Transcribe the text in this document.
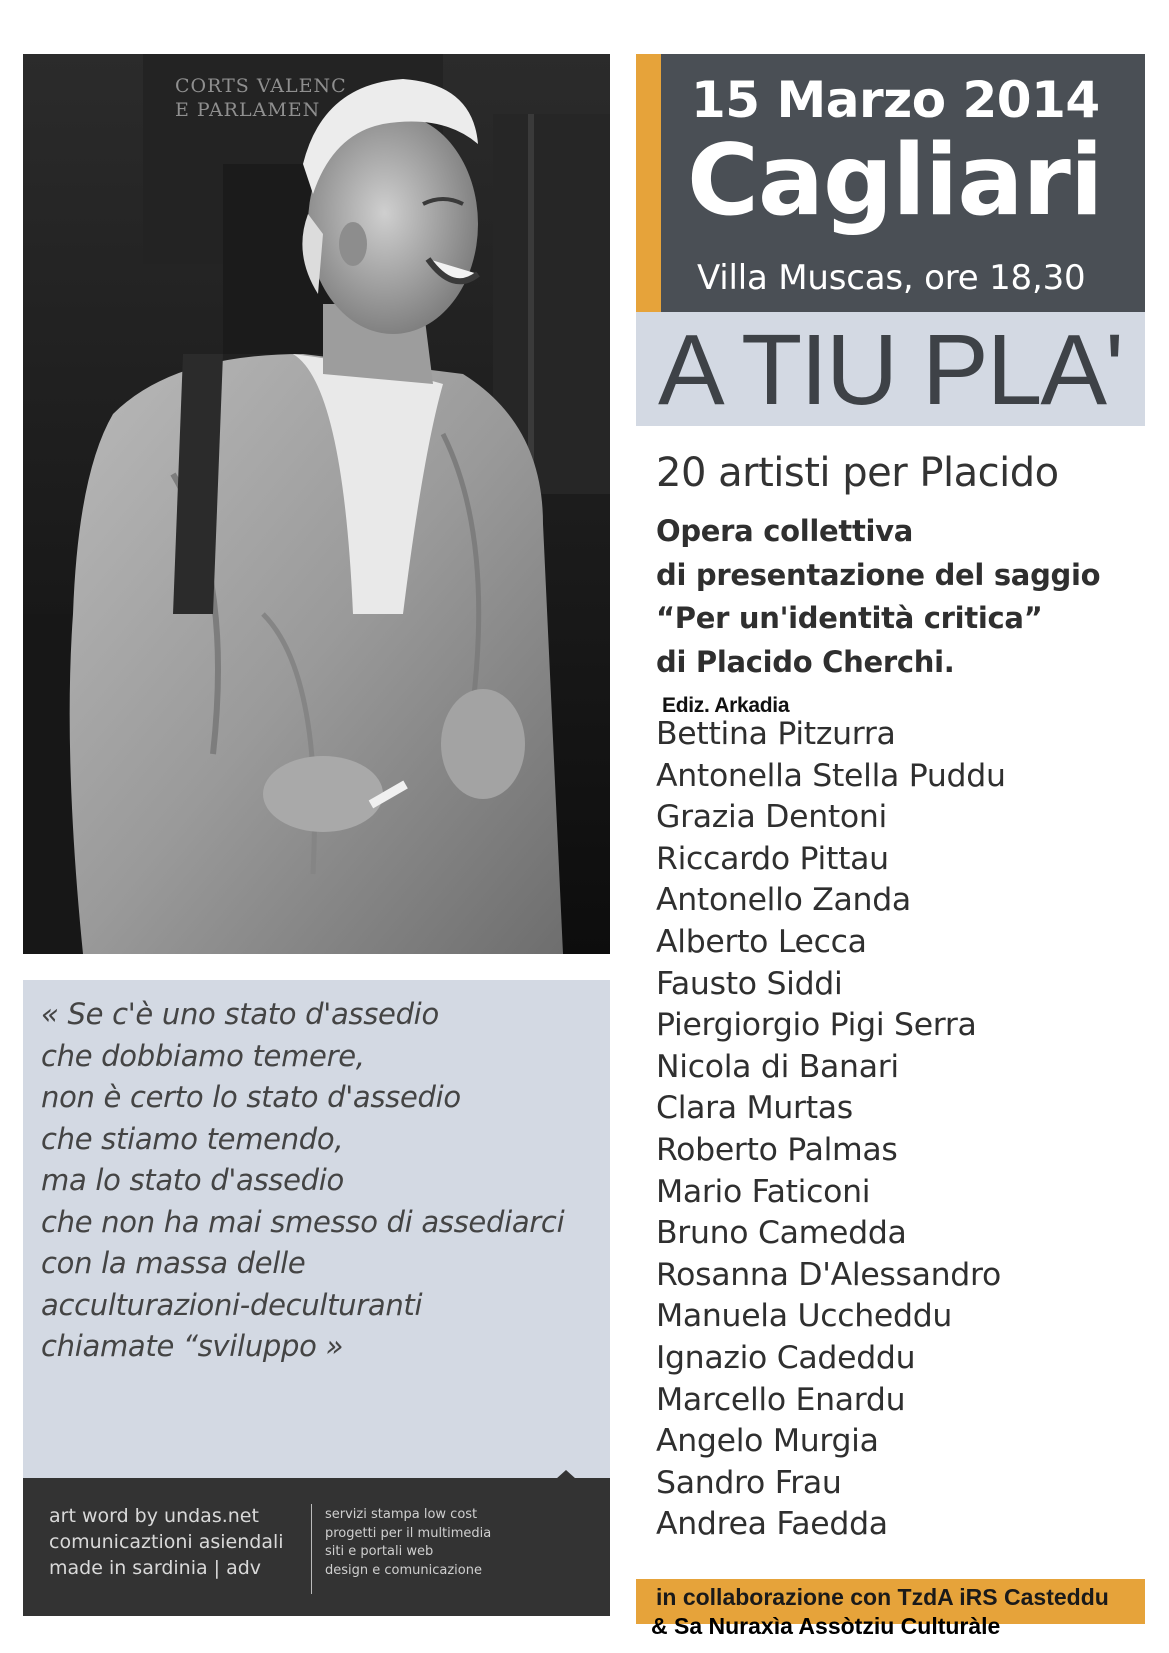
CORTS VALENC
E PARLAMEN

« Se c'è uno stato d'assedio
che dobbiamo temere,
non è certo lo stato d'assedio
che stiamo temendo,
ma lo stato d'assedio
che non ha mai smesso di assediarci
con la massa delle
acculturazioni-deculturanti
chiamate “sviluppo »

art word by undas.net
comunicaztioni asiendali
made in sardinia | adv

servizi stampa low cost
progetti per il multimedia
siti e portali web
design e comunicazione

15 Marzo 2014
Cagliari
Villa Muscas, ore 18,30
A TIU PLA'
20 artisti per Placido

Opera collettiva
di presentazione del saggio
“Per un'identità critica”
di Placido Cherchi.
Ediz. Arkadia

Bettina Pitzurra
Antonella Stella Puddu
Grazia Dentoni
Riccardo Pittau
Antonello Zanda
Alberto Lecca
Fausto Siddi
Piergiorgio Pigi Serra
Nicola di Banari
Clara Murtas
Roberto Palmas
Mario Faticoni
Bruno Camedda
Rosanna D'Alessandro
Manuela Uccheddu
Ignazio Cadeddu
Marcello Enardu
Angelo Murgia
Sandro Frau
Andrea Faedda
in collaborazione con TzdA iRS Casteddu
& Sa Nuraxìa Assòtziu Culturàle
